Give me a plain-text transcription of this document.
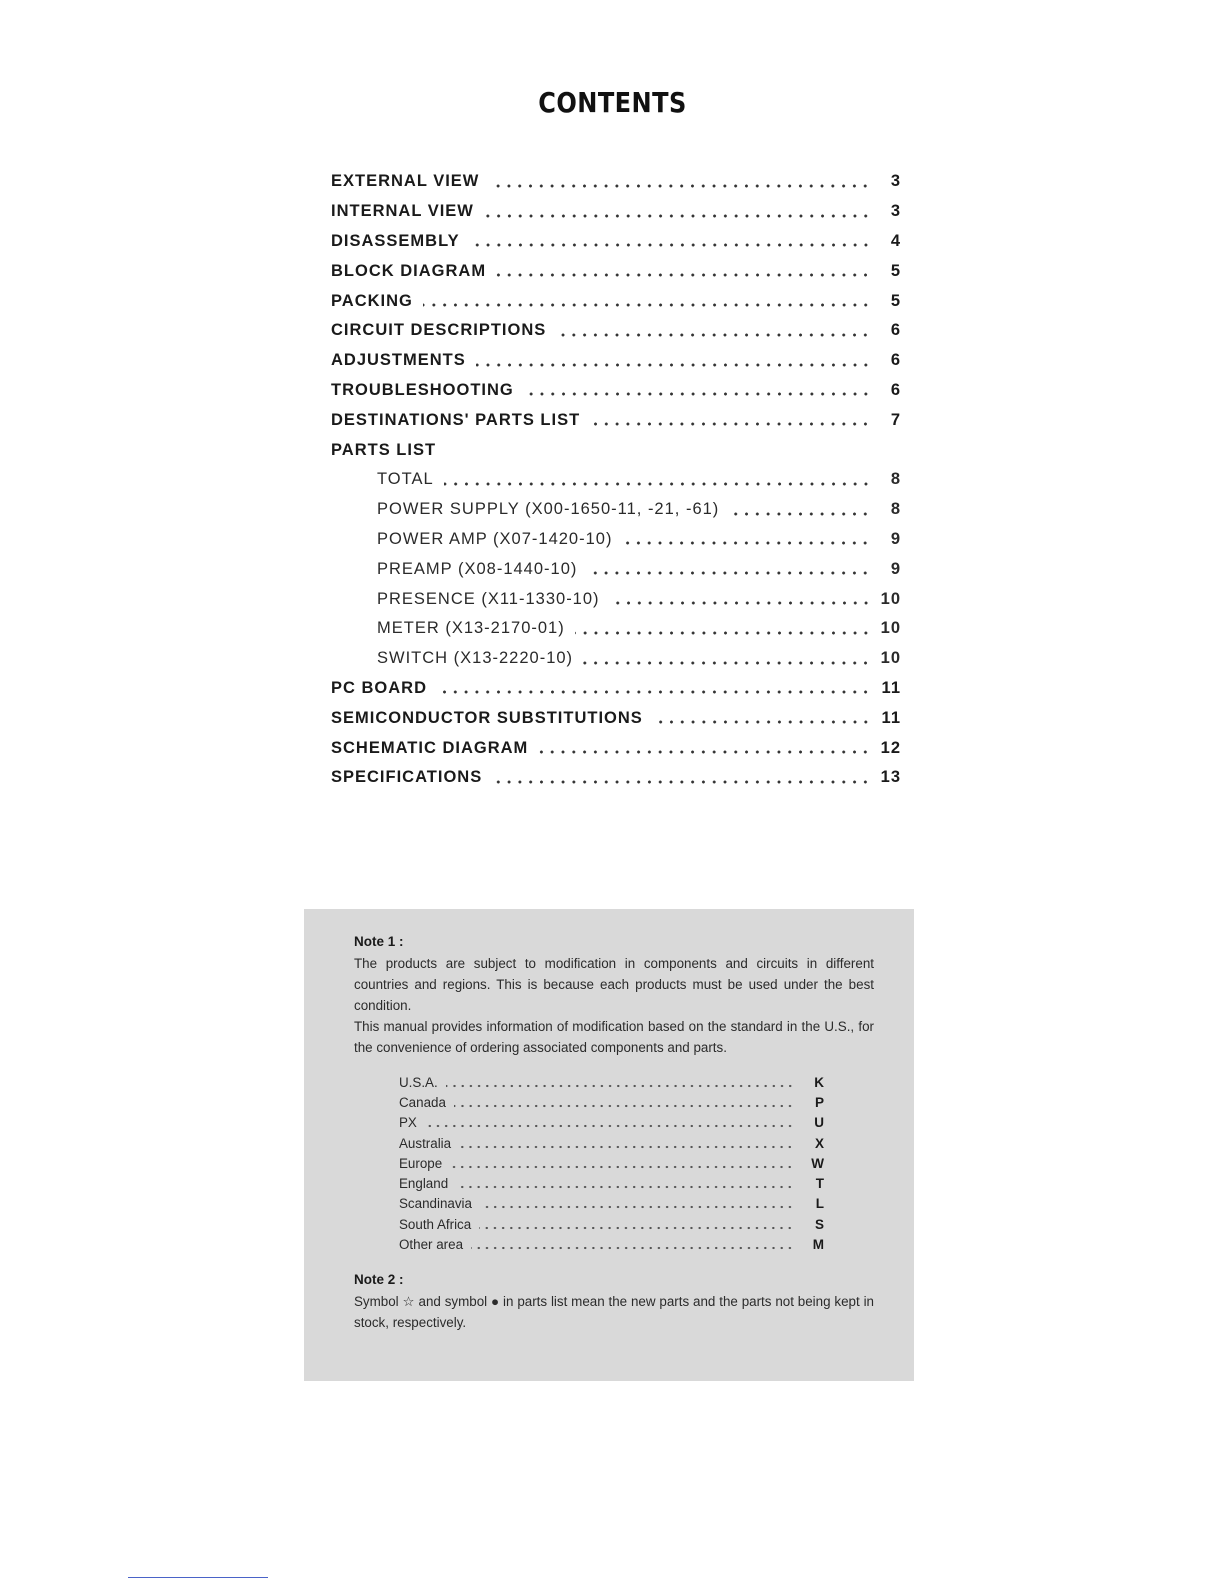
CONTENTS
EXTERNAL VIEW	3
INTERNAL VIEW	3
DISASSEMBLY	4
BLOCK DIAGRAM	5
PACKING	5
CIRCUIT DESCRIPTIONS	6
ADJUSTMENTS	6
TROUBLESHOOTING	6
DESTINATIONS' PARTS LIST	7
PARTS LIST
TOTAL	8
POWER SUPPLY (X00-1650-11, -21, -61)	8
POWER AMP (X07-1420-10)	9
PREAMP (X08-1440-10)	9
PRESENCE (X11-1330-10)	10
METER (X13-2170-01)	10
SWITCH (X13-2220-10)	10
PC BOARD	11
SEMICONDUCTOR SUBSTITUTIONS	11
SCHEMATIC DIAGRAM	12
SPECIFICATIONS	13
Note 1 :
The products are subject to modification in components and circuits in different countries and regions. This is because each products must be used under the best condition.
This manual provides information of modification based on the standard in the U.S., for the convenience of ordering associated components and parts.
U.S.A.	K
Canada	P
PX	U
Australia	X
Europe	W
England	T
Scandinavia	L
South Africa	S
Other area	M
Note 2 :
Symbol ☆ and symbol ● in parts list mean the new parts and the parts not being kept in stock, respectively.
